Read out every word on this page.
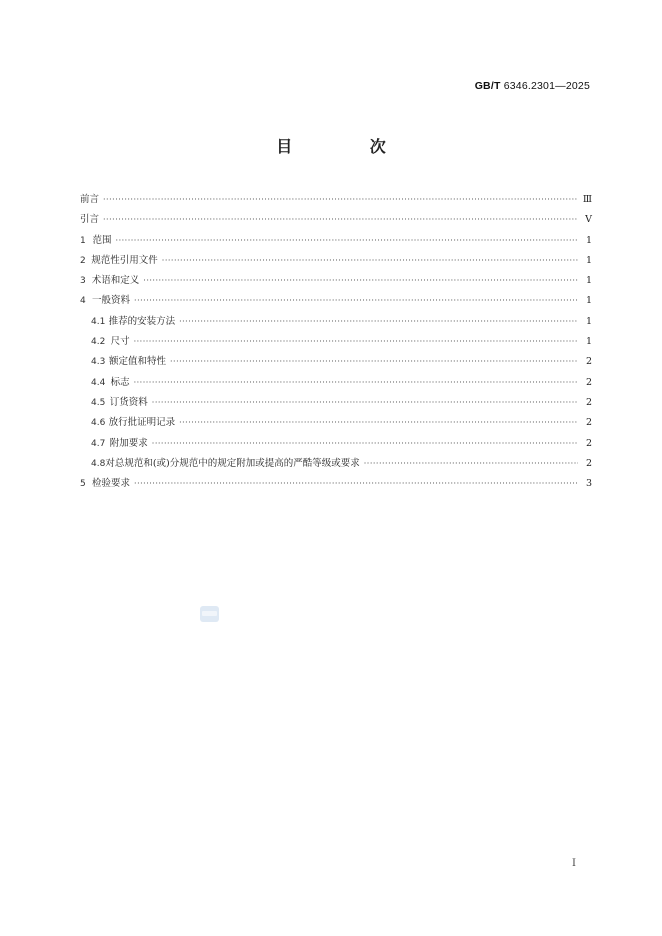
GB/T 6346.2301—2025
目 次
前言 ·····	Ⅲ
引言 ·····	Ⅴ
1 范围 ·····	1
2 规范性引用文件 ·····	1
3 术语和定义 ·····	1
4 一般资料 ·····	1
4.1 推荐的安装方法 ·····	1
4.2 尺寸 ·····	1
4.3 额定值和特性 ·····	2
4.4 标志 ·····	2
4.5 订货资料 ·····	2
4.6 放行批证明记录 ·····	2
4.7 附加要求 ·····	2
4.8 对总规范和(或)分规范中的规定附加或提高的严酷等级或要求 ·····	2
5 检验要求 ·····	3
I
